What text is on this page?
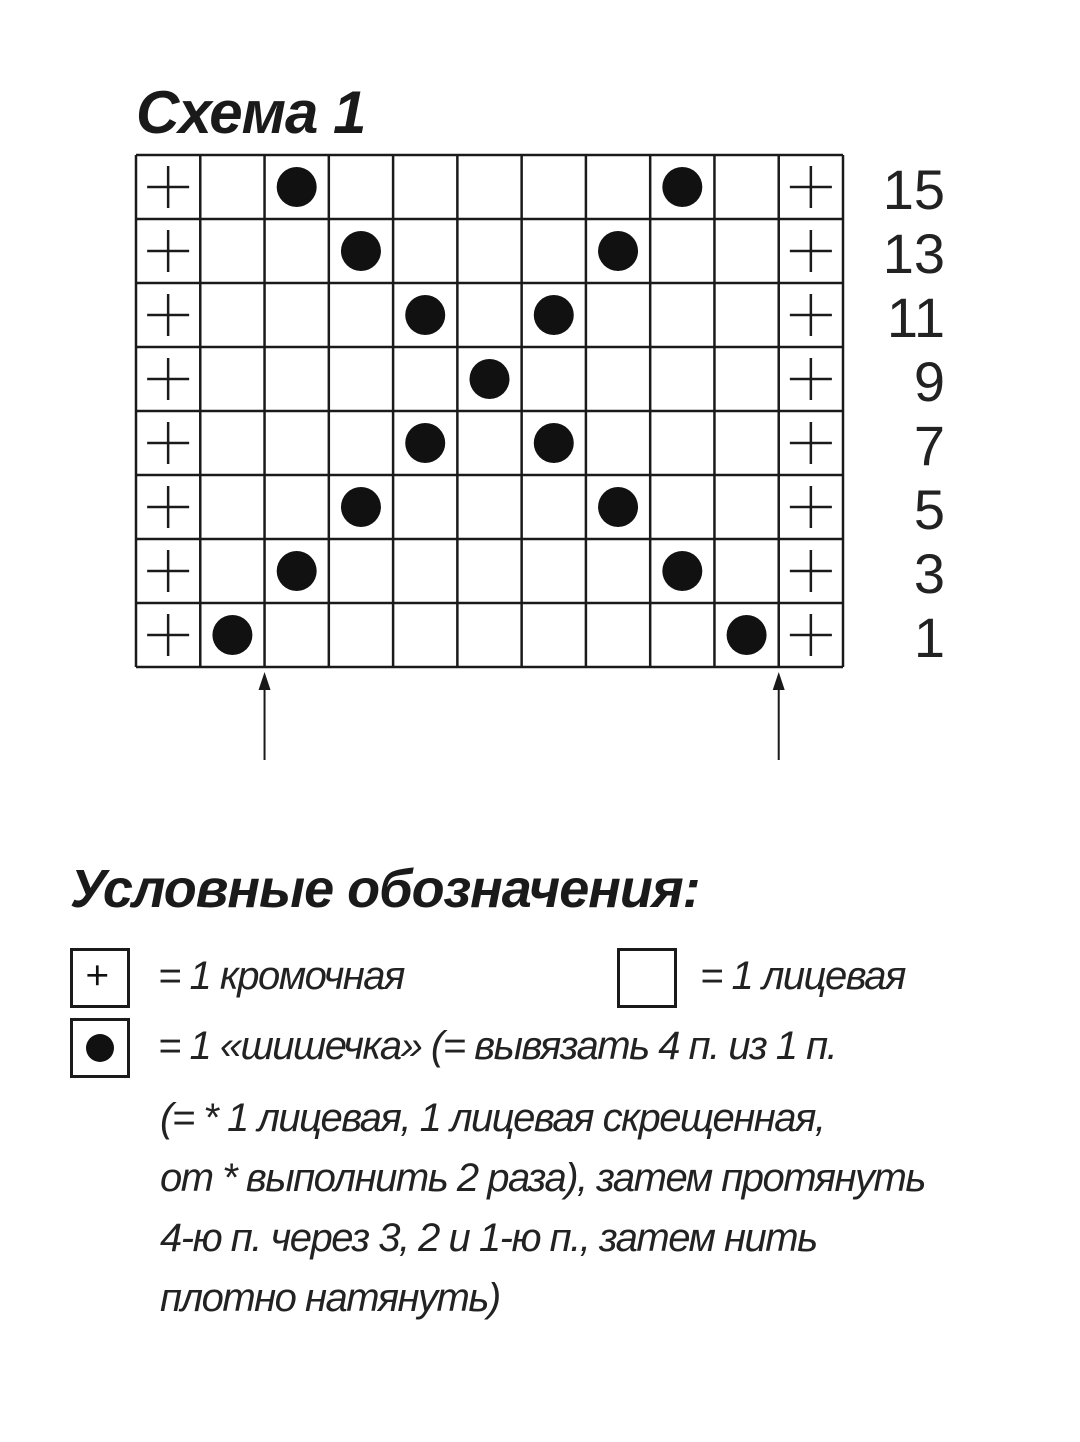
Схема 1
15
13
11
9
7
5
3
1
Условные обозначения:
= 1 кромочная	= 1 лицевая
= 1 «шишечка» (= вывязать 4 п. из 1 п.
(= * 1 лицевая, 1 лицевая скрещенная,
от * выполнить 2 раза), затем протянуть
4-ю п. через 3, 2 и 1-ю п., затем нить
плотно натянуть)
